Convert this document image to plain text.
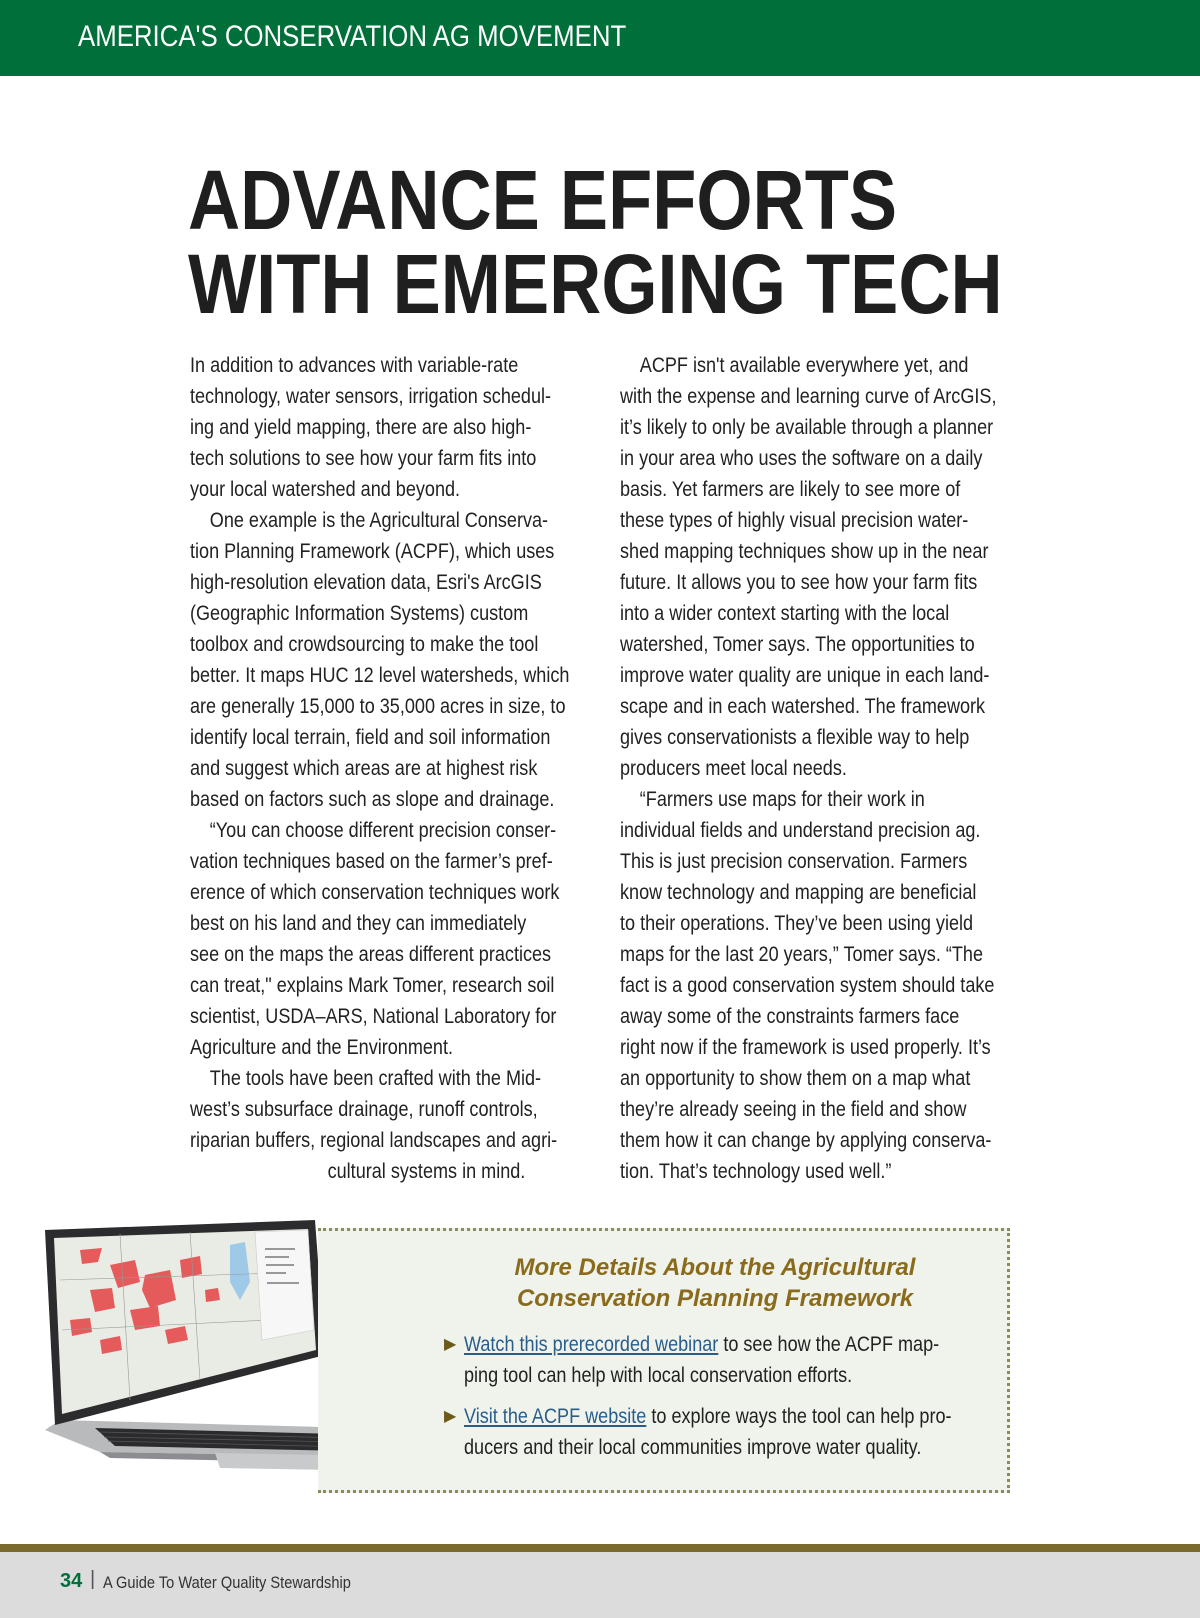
AMERICA'S CONSERVATION AG MOVEMENT
ADVANCE EFFORTS
WITH EMERGING TECH
In addition to advances with variable-rate
technology, water sensors, irrigation schedul-
ing and yield mapping, there are also high-
tech solutions to see how your farm fits into
your local watershed and beyond.
One example is the Agricultural Conserva-
tion Planning Framework (ACPF), which uses
high-resolution elevation data, Esri's ArcGIS
(Geographic Information Systems) custom
toolbox and crowdsourcing to make the tool
better. It maps HUC 12 level watersheds, which
are generally 15,000 to 35,000 acres in size, to
identify local terrain, field and soil information
and suggest which areas are at highest risk
based on factors such as slope and drainage.
“You can choose different precision conser-
vation techniques based on the farmer’s pref-
erence of which conservation techniques work
best on his land and they can immediately
see on the maps the areas different practices
can treat," explains Mark Tomer, research soil
scientist, USDA–ARS, National Laboratory for
Agriculture and the Environment.
The tools have been crafted with the Mid-
west’s subsurface drainage, runoff controls,
riparian buffers, regional landscapes and agri-
cultural systems in mind.
ACPF isn't available everywhere yet, and
with the expense and learning curve of ArcGIS,
it’s likely to only be available through a planner
in your area who uses the software on a daily
basis. Yet farmers are likely to see more of
these types of highly visual precision water-
shed mapping techniques show up in the near
future. It allows you to see how your farm fits
into a wider context starting with the local
watershed, Tomer says. The opportunities to
improve water quality are unique in each land-
scape and in each watershed. The framework
gives conservationists a flexible way to help
producers meet local needs.
“Farmers use maps for their work in
individual fields and understand precision ag.
This is just precision conservation. Farmers
know technology and mapping are beneficial
to their operations. They’ve been using yield
maps for the last 20 years,” Tomer says. “The
fact is a good conservation system should take
away some of the constraints farmers face
right now if the framework is used properly. It’s
an opportunity to show them on a map what
they’re already seeing in the field and show
them how it can change by applying conserva-
tion. That’s technology used well.”
More Details About the Agricultural
Conservation Planning Framework
▶ Watch this prerecorded webinar to see how the ACPF map-
ping tool can help with local conservation efforts.
▶ Visit the ACPF website to explore ways the tool can help pro-
ducers and their local communities improve water quality.
34 | A Guide To Water Quality Stewardship
